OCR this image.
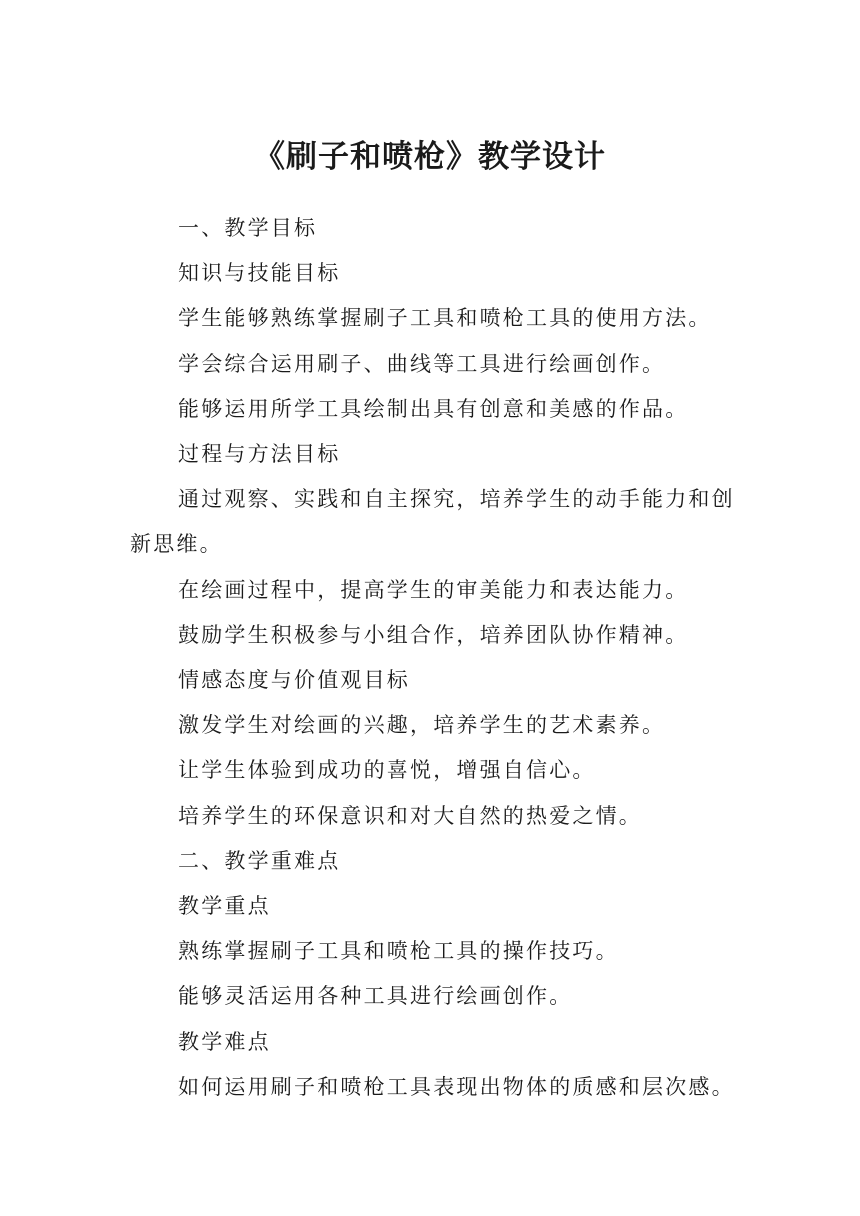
《刷子和喷枪》教学设计

一、教学目标

知识与技能目标

学生能够熟练掌握刷子工具和喷枪工具的使用方法。

学会综合运用刷子、曲线等工具进行绘画创作。

能够运用所学工具绘制出具有创意和美感的作品。

过程与方法目标

通过观察、实践和自主探究，培养学生的动手能力和创新思维。

在绘画过程中，提高学生的审美能力和表达能力。

鼓励学生积极参与小组合作，培养团队协作精神。

情感态度与价值观目标

激发学生对绘画的兴趣，培养学生的艺术素养。

让学生体验到成功的喜悦，增强自信心。

培养学生的环保意识和对大自然的热爱之情。

二、教学重难点

教学重点

熟练掌握刷子工具和喷枪工具的操作技巧。

能够灵活运用各种工具进行绘画创作。

教学难点

如何运用刷子和喷枪工具表现出物体的质感和层次感。
